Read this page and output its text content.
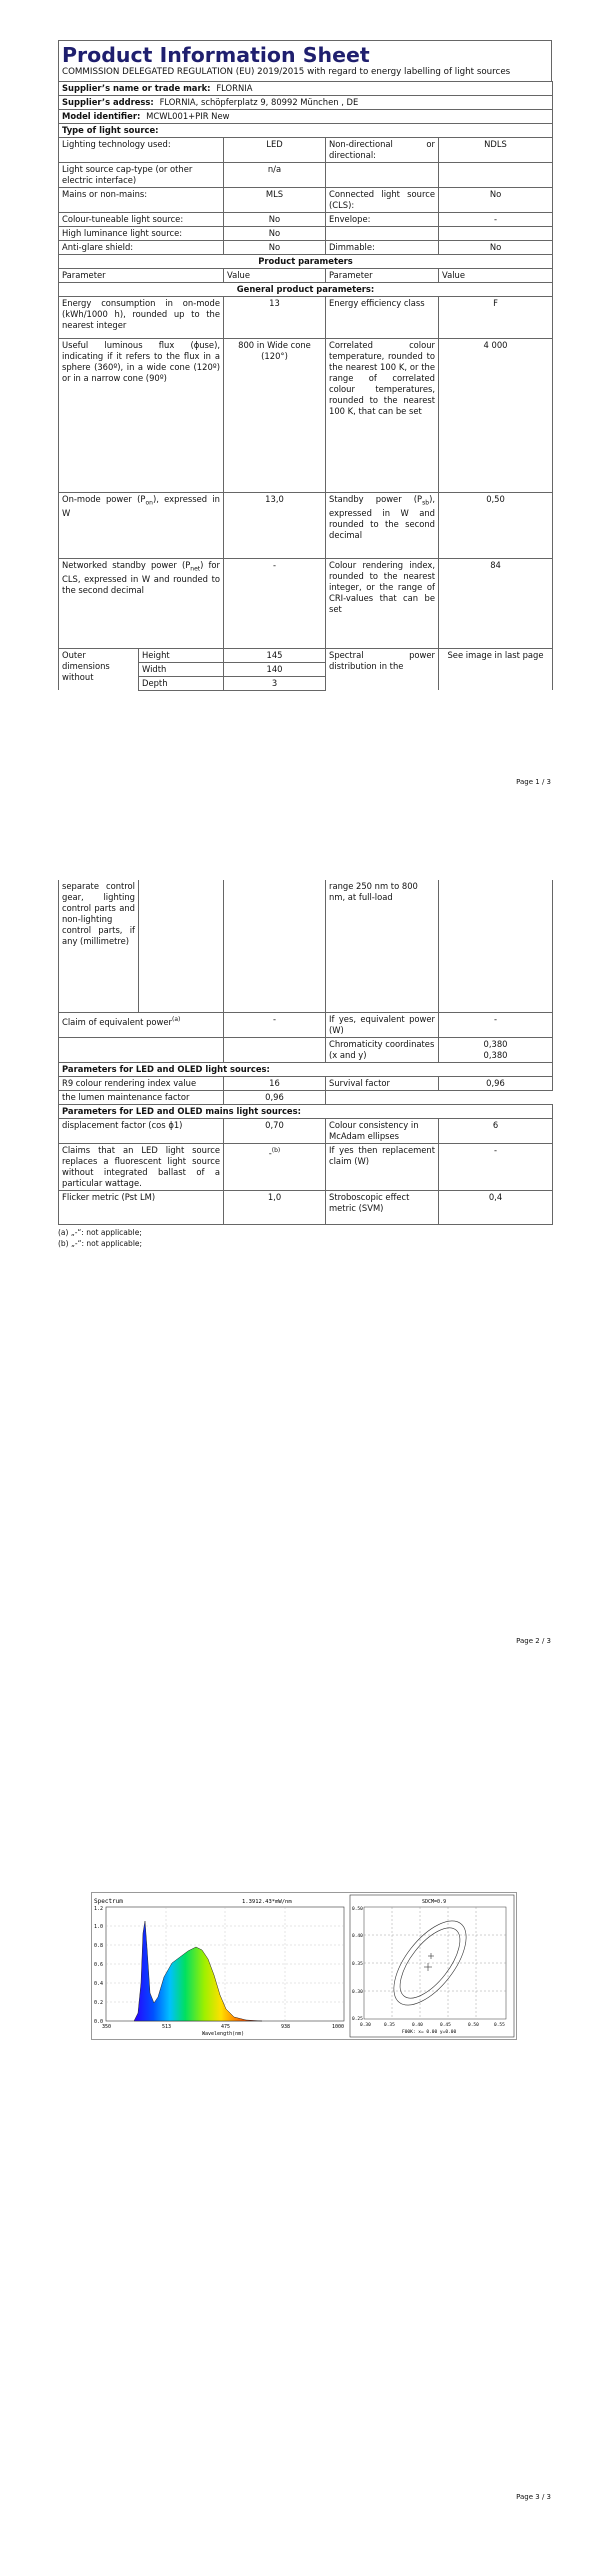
Product Information Sheet
COMMISSION DELEGATED REGULATION (EU) 2019/2015 with regard to energy labelling of light sources
Supplier’s name or trade mark: FLORNIA			
Supplier’s address: FLORNIA, schöpferplatz 9, 80992 München , DE			
Model identifier: MCWL001+PIR New			
Type of light source:			
Lighting technology used:	LED	Non-directional or directional:	NDLS
Light source cap-type (or other electric interface)	n/a		
Mains or non-mains:	MLS	Connected light source (CLS):	No
Colour-tuneable light source:	No	Envelope:	-
High luminance light source:	No		
Anti-glare shield:	No	Dimmable:	No
Product parameters			
Parameter	Value	Parameter	Value
General product parameters:			
Energy consumption in on-mode (kWh/1000 h), rounded up to the nearest integer	13	Energy efficiency class	F
Useful luminous flux (ϕuse), indicating if it refers to the flux in a sphere (360º), in a wide cone (120º) or in a narrow cone (90º)	800 in Wide cone (120°)	Correlated colour temperature, rounded to the nearest 100 K, or the range of correlated colour temperatures, rounded to the nearest 100 K, that can be set	4 000
On-mode power $(P_{on})$, expressed in W	13,0	Standby power $(P_{sb})$, expressed in W and rounded to the second decimal	0,50
Networked standby power $(P_{net})$ for CLS, expressed in W and rounded to the second decimal	-	Colour rendering index, rounded to the nearest integer, or the range of CRI-values that can be set	84
Outer dimensions without	Height	145	Spectral power distribution in the	See image in last page
	Width	140		
	Depth	3		
Page 1 / 3
separate control gear, lighting control parts and non-lighting control parts, if any (millimetre)			range 250 nm to 800 nm, at full-load	
Claim of equivalent power$^{(a)}$	-	If yes, equivalent power (W)	-
		Chromaticity coordinates (x and y)	0,380
0,380
Parameters for LED and OLED light sources:			
R9 colour rendering index value	16	Survival factor	0,96
the lumen maintenance factor	0,96		
Parameters for LED and OLED mains light sources:			
displacement factor (cos ϕ1)	0,70	Colour consistency in McAdam ellipses	6
Claims that an LED light source replaces a fluorescent light source without integrated ballast of a particular wattage.	-$^{(b)}$	If yes then replacement claim (W)	-
Flicker metric (Pst LM)	1,0	Stroboscopic effect metric (SVM)	0,4
(a) „-“: not applicable;
(b) „-“: not applicable;
Page 2 / 3
Page 3 / 3
Spectrum	1.3912.43*mW/nm
0.0
0.2
0.4
0.6
0.8
1.0
1.2
350	513	475	938	1000
Wavelength(nm)
SDCM=0.9
0.50
0.40
0.35
0.30
0.25
0.30	0.35	0.40	0.45	0.50	0.55
F00K: x= 0.00 y=0.00
